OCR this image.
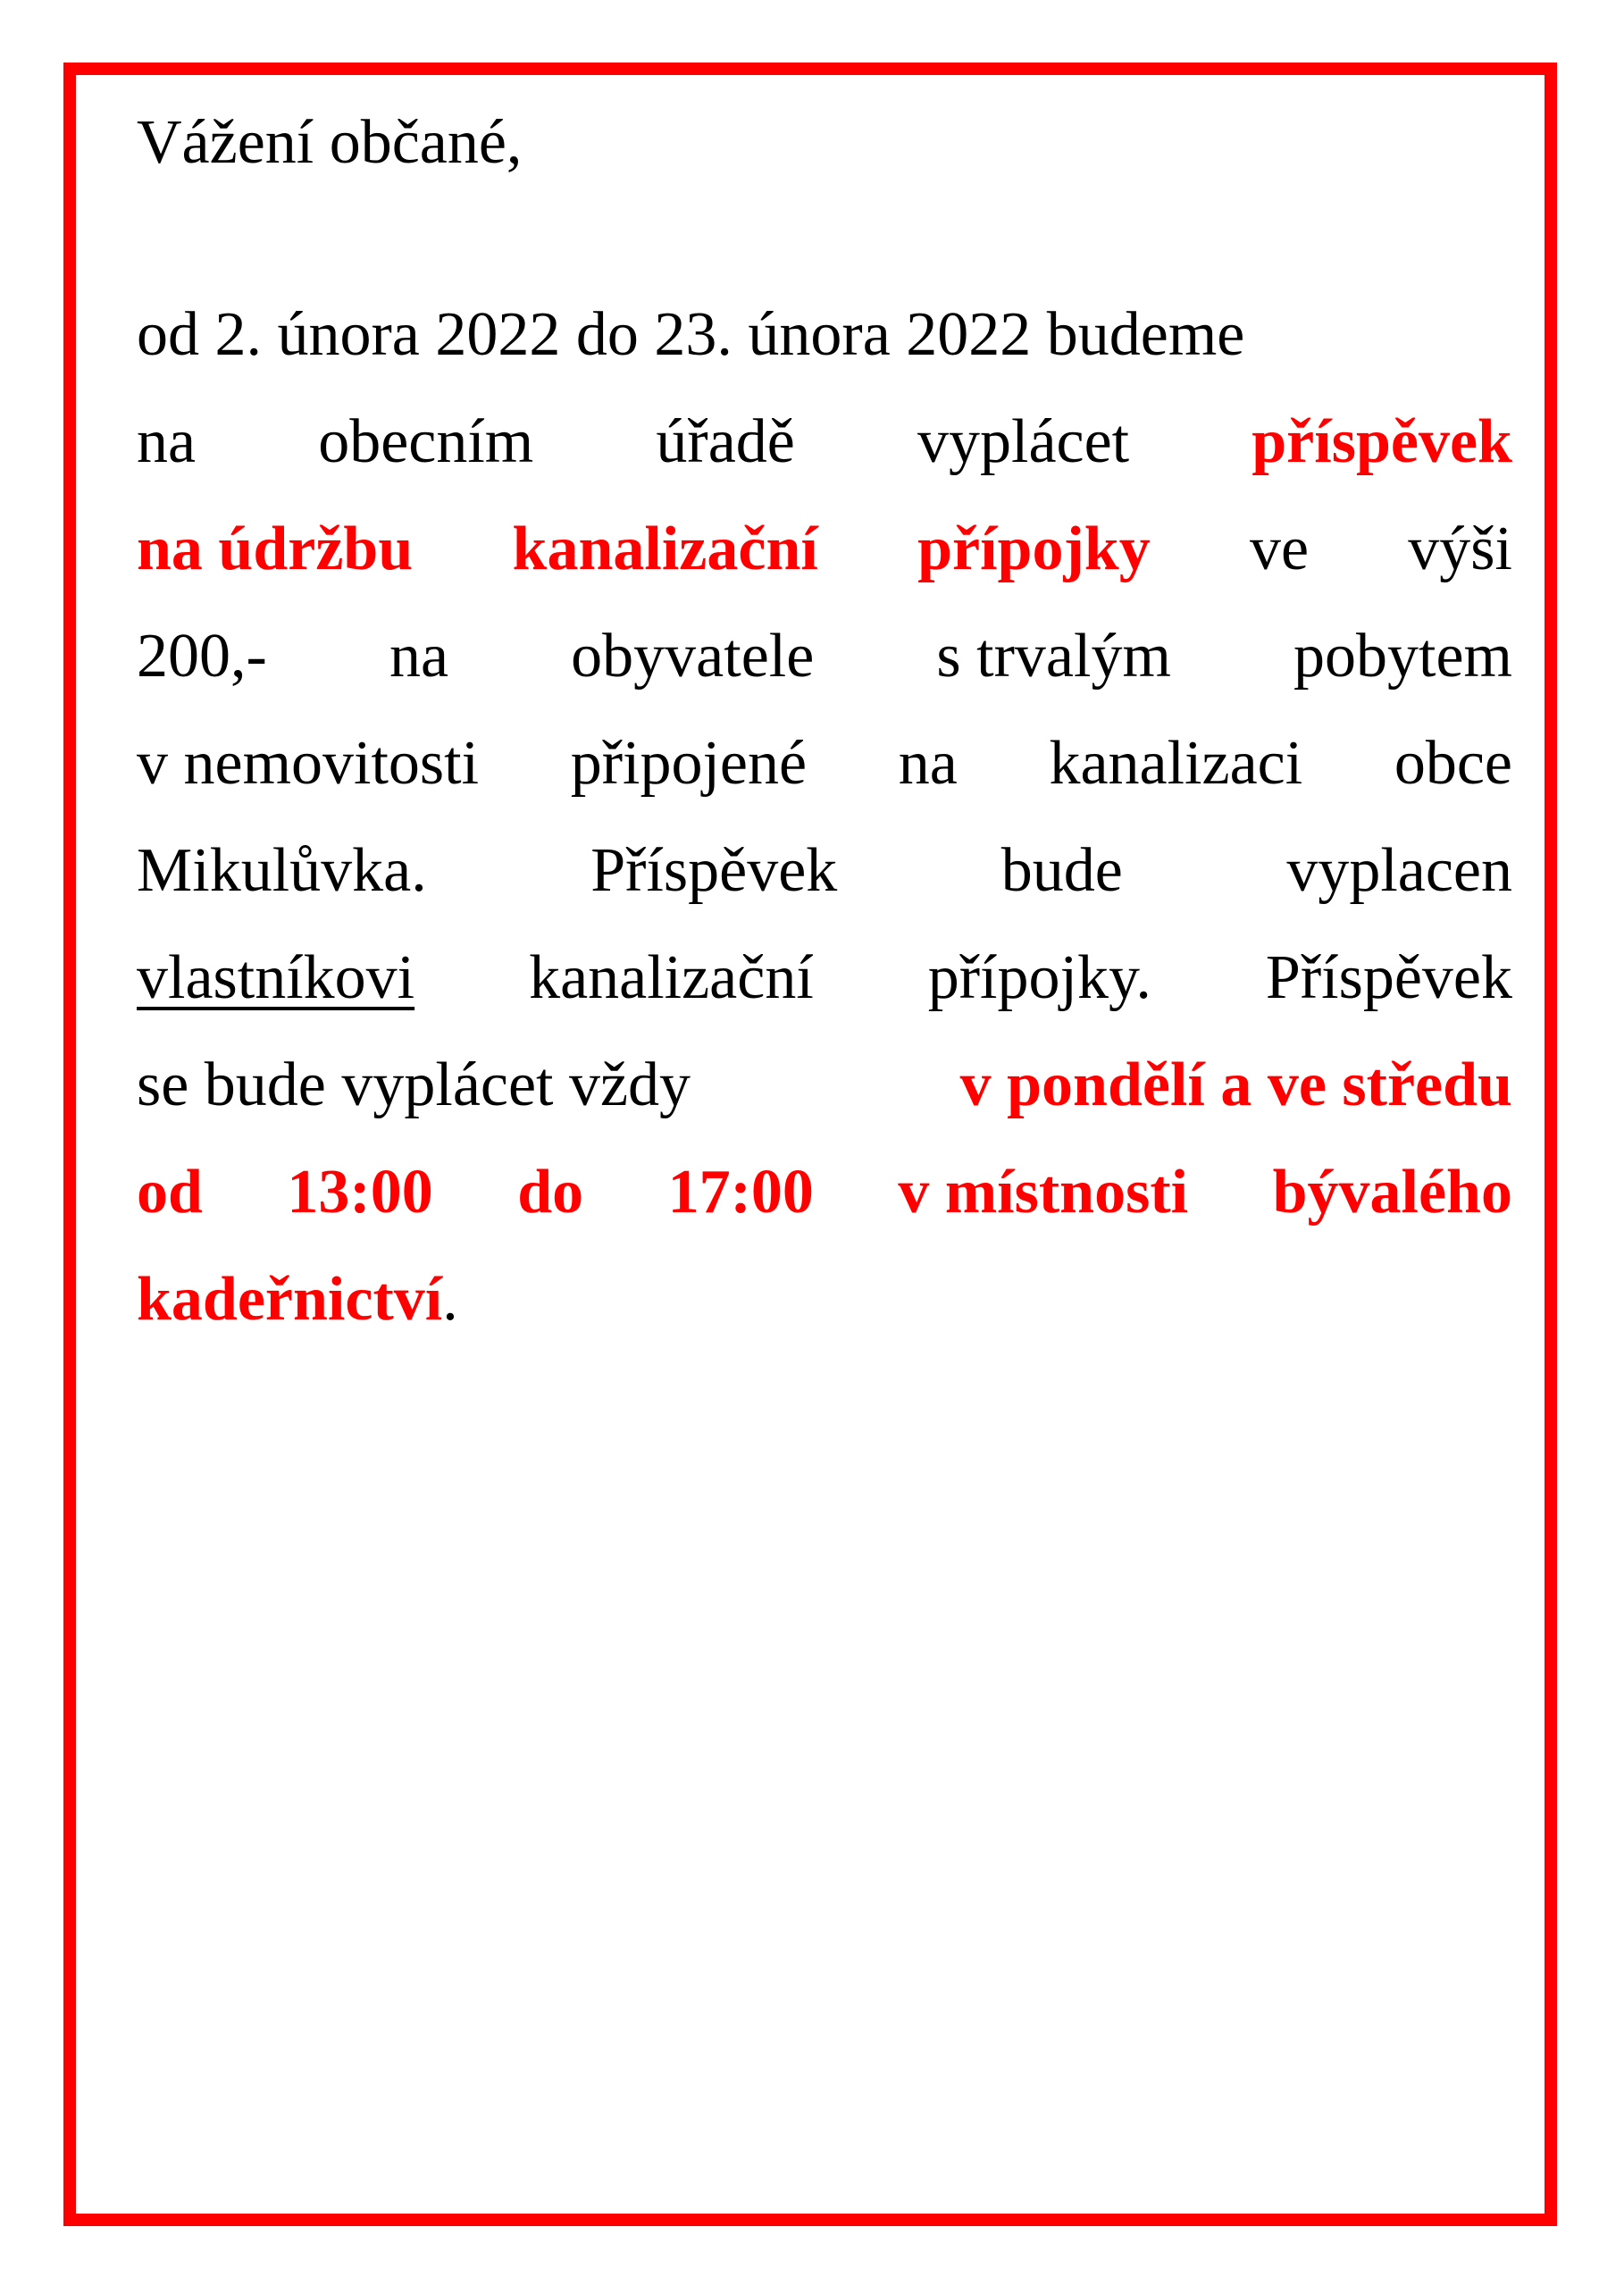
Vážení občané,

od 2. února 2022 do 23. února 2022 budeme

na obecním úřadě vyplácet příspěvek

na údržbu kanalizační přípojky ve výši

200,- na obyvatele s trvalým pobytem

v nemovitosti připojené na kanalizaci obce

Mikulůvka.	Příspěvek	bude	vyplacen

vlastníkovi kanalizační přípojky. Příspěvek

se bude vyplácet vždy	v pondělí a ve středu

od 13:00 do 17:00 v místnosti bývalého

kadeřnictví .
